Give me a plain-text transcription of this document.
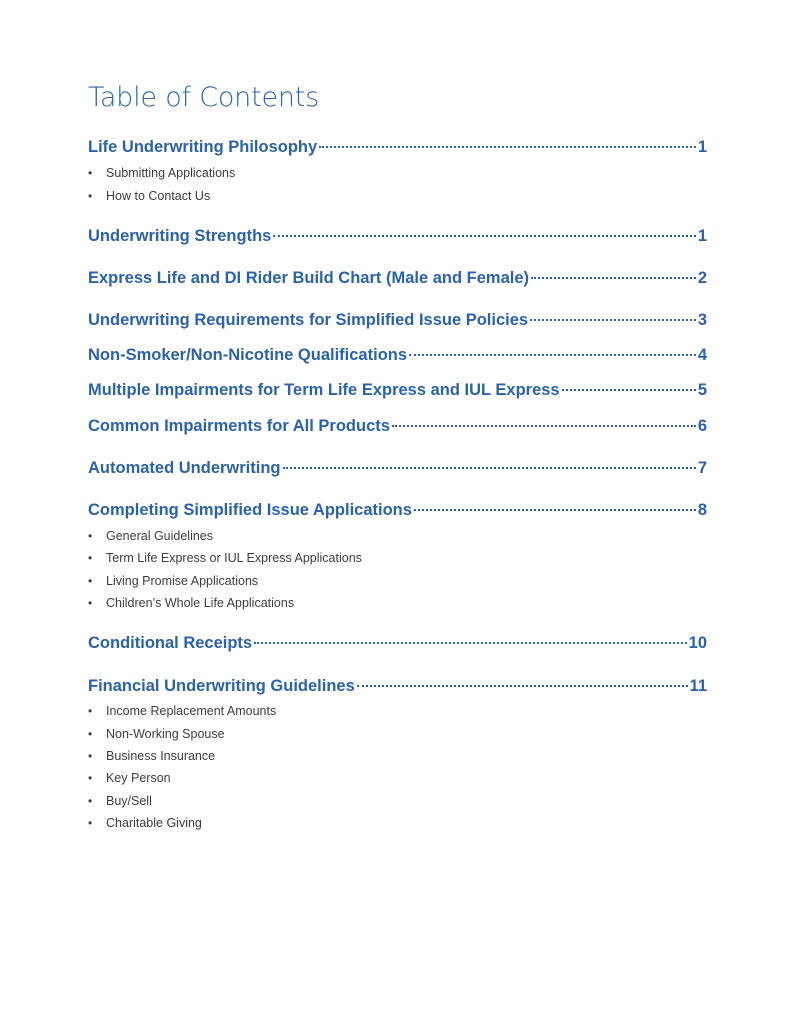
Table of Contents
Life Underwriting Philosophy	1
• Submitting Applications
• How to Contact Us
Underwriting Strengths	1
Express Life and DI Rider Build Chart (Male and Female)	2
Underwriting Requirements for Simplified Issue Policies	3
Non-Smoker/Non-Nicotine Qualifications	4
Multiple Impairments for Term Life Express and IUL Express	5
Common Impairments for All Products	6
Automated Underwriting	7
Completing Simplified Issue Applications	8
• General Guidelines
• Term Life Express or IUL Express Applications
• Living Promise Applications
• Children’s Whole Life Applications
Conditional Receipts	10
Financial Underwriting Guidelines	11
• Income Replacement Amounts
• Non-Working Spouse
• Business Insurance
• Key Person
• Buy/Sell
• Charitable Giving
